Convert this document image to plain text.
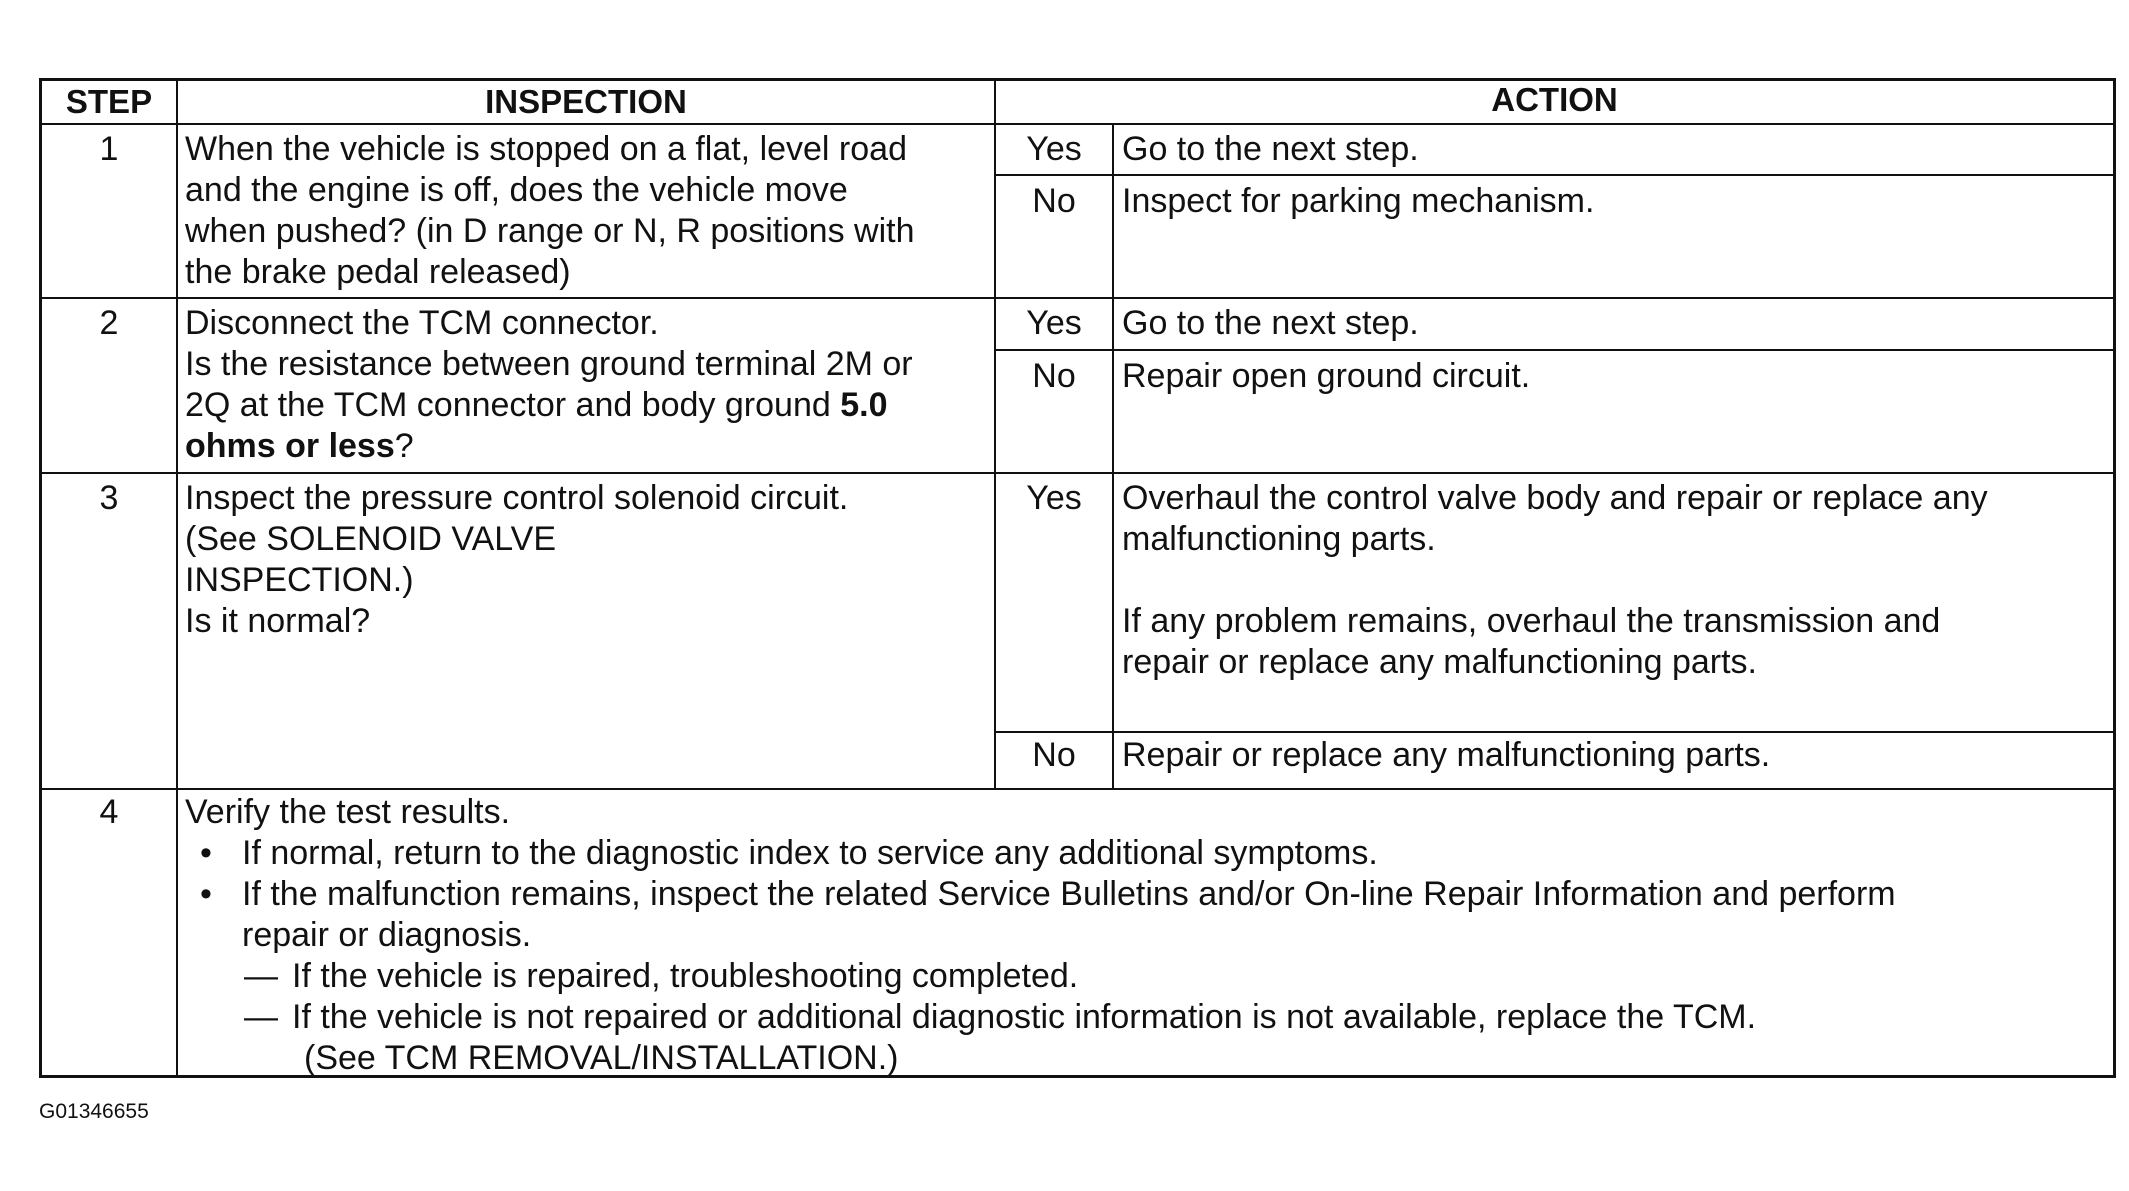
STEP	INSPECTION	ACTION
1	When the vehicle is stopped on a flat, level road
and the engine is off, does the vehicle move
when pushed? (in D range or N, R positions with
the brake pedal released)
Yes	Go to the next step.
No	Inspect for parking mechanism.
2	Disconnect the TCM connector.
Is the resistance between ground terminal 2M or
2Q at the TCM connector and body ground 5.0
ohms or less?
Yes	Go to the next step.
No	Repair open ground circuit.
3	Inspect the pressure control solenoid circuit.
(See SOLENOID VALVE
INSPECTION.)
Is it normal?
Yes	Overhaul the control valve body and repair or replace any
malfunctioning parts.
If any problem remains, overhaul the transmission and
repair or replace any malfunctioning parts.
No	Repair or replace any malfunctioning parts.
4	Verify the test results.
• If normal, return to the diagnostic index to service any additional symptoms.
• If the malfunction remains, inspect the related Service Bulletins and/or On-line Repair Information and perform
repair or diagnosis.
— If the vehicle is repaired, troubleshooting completed.
— If the vehicle is not repaired or additional diagnostic information is not available, replace the TCM.
(See TCM REMOVAL/INSTALLATION.)
G01346655
